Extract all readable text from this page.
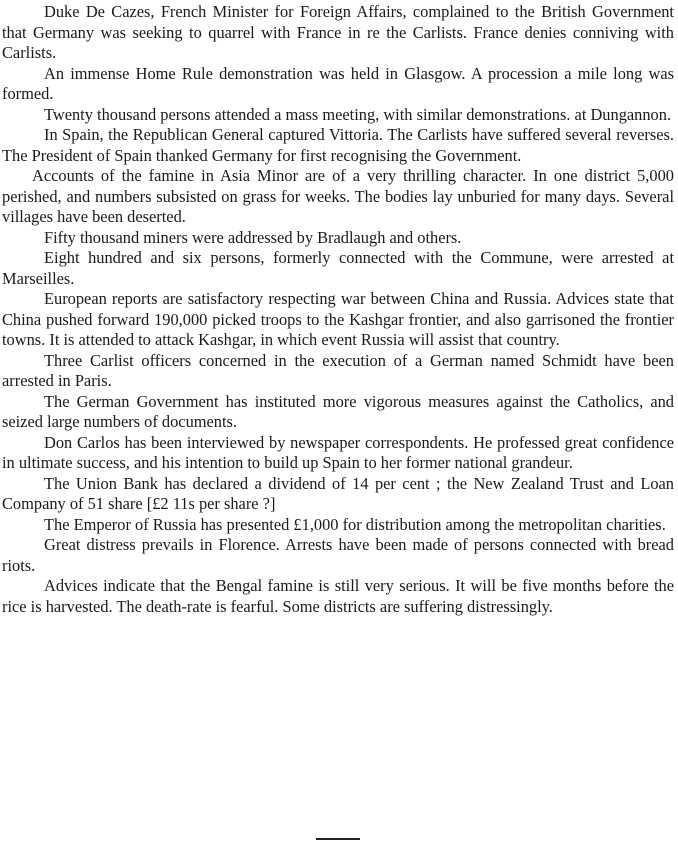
Duke De Cazes, French Minister for Foreign Affairs, complained to the British Government that Germany was seeking to quarrel with France in re the Carlists. France denies conniving with Carlists.

An immense Home Rule demonstration was held in Glasgow. A procession a mile long was formed.

Twenty thousand persons attended a mass meeting, with similar demonstrations. at Dungannon.

In Spain, the Republican General captured Vittoria. The Carlists have suffered several reverses. The President of Spain thanked Germany for first recognising the Government.

Accounts of the famine in Asia Minor are of a very thrilling character. In one district 5,000 perished, and numbers subsisted on grass for weeks. The bodies lay unburied for many days. Several villages have been deserted.

Fifty thousand miners were addressed by Bradlaugh and others.

Eight hundred and six persons, formerly connected with the Commune, were arrested at Marseilles.

European reports are satisfactory respecting war between China and Russia. Advices state that China pushed forward 190,000 picked troops to the Kashgar frontier, and also garrisoned the frontier towns. It is attended to attack Kashgar, in which event Russia will assist that country.

Three Carlist officers concerned in the execution of a German named Schmidt have been arrested in Paris.

The German Government has instituted more vigorous measures against the Catholics, and seized large numbers of documents.

Don Carlos has been interviewed by newspaper correspondents. He professed great confidence in ultimate success, and his intention to build up Spain to her former national grandeur.

The Union Bank has declared a dividend of 14 per cent ; the New Zealand Trust and Loan Company of 51 share [£2 11s per share ?]

The Emperor of Russia has presented £1,000 for distribution among the metropolitan charities.

Great distress prevails in Florence. Arrests have been made of persons connected with bread riots.

Advices indicate that the Bengal famine is still very serious. It will be five months before the rice is harvested. The death-rate is fearful. Some districts are suffering distressingly.
